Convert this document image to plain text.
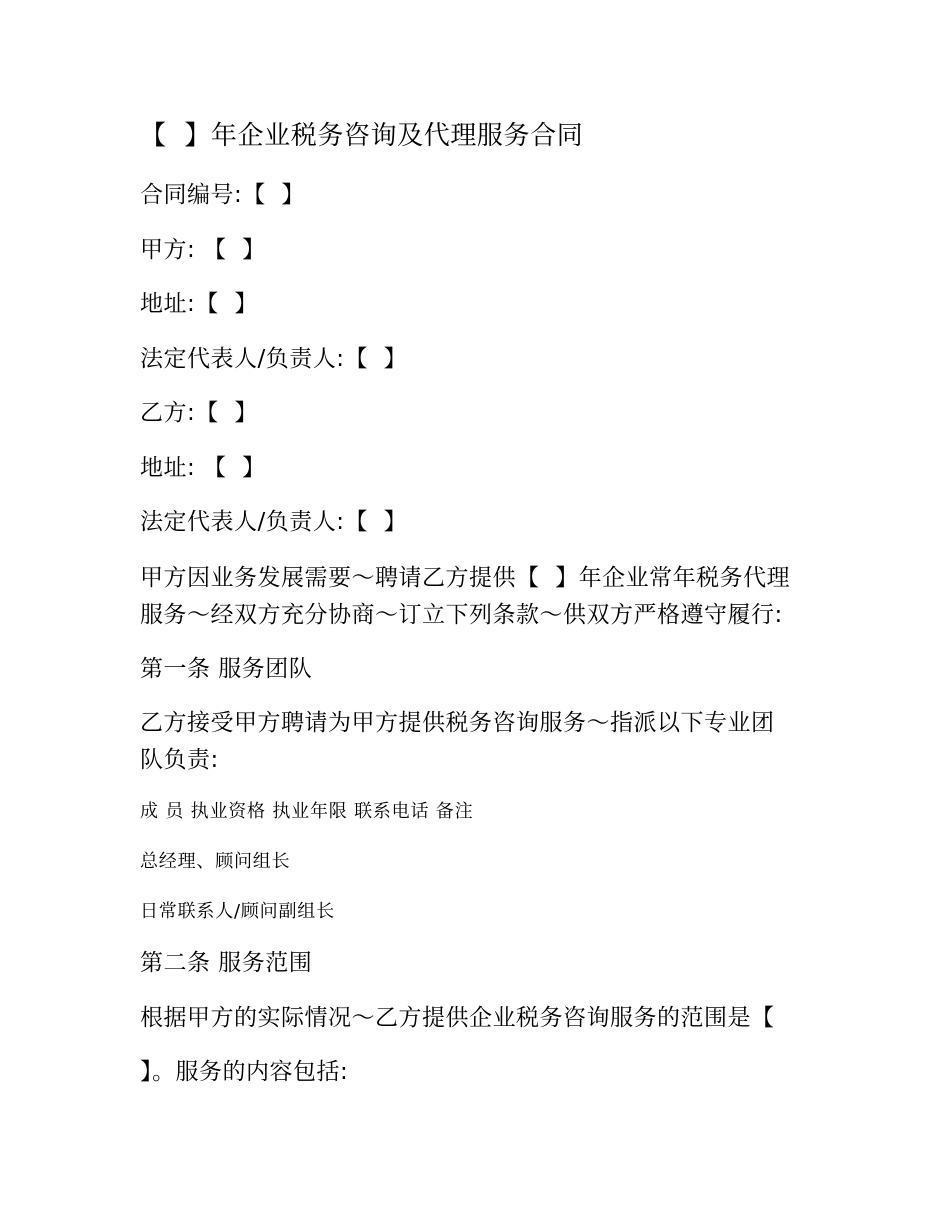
【  】年企业税务咨询及代理服务合同
合同编号:【  】
甲方: 【  】
地址:【  】
法定代表人/负责人:【  】
乙方:【  】
地址: 【  】
法定代表人/负责人:【  】
甲方因业务发展需要～聘请乙方提供【  】年企业常年税务代理
服务～经双方充分协商～订立下列条款～供双方严格遵守履行:
第一条 服务团队
乙方接受甲方聘请为甲方提供税务咨询服务～指派以下专业团
队负责:
成 员 执业资格 执业年限 联系电话 备注
总经理、顾问组长
日常联系人/顾问副组长
第二条 服务范围
根据甲方的实际情况～乙方提供企业税务咨询服务的范围是【
】。服务的内容包括:
